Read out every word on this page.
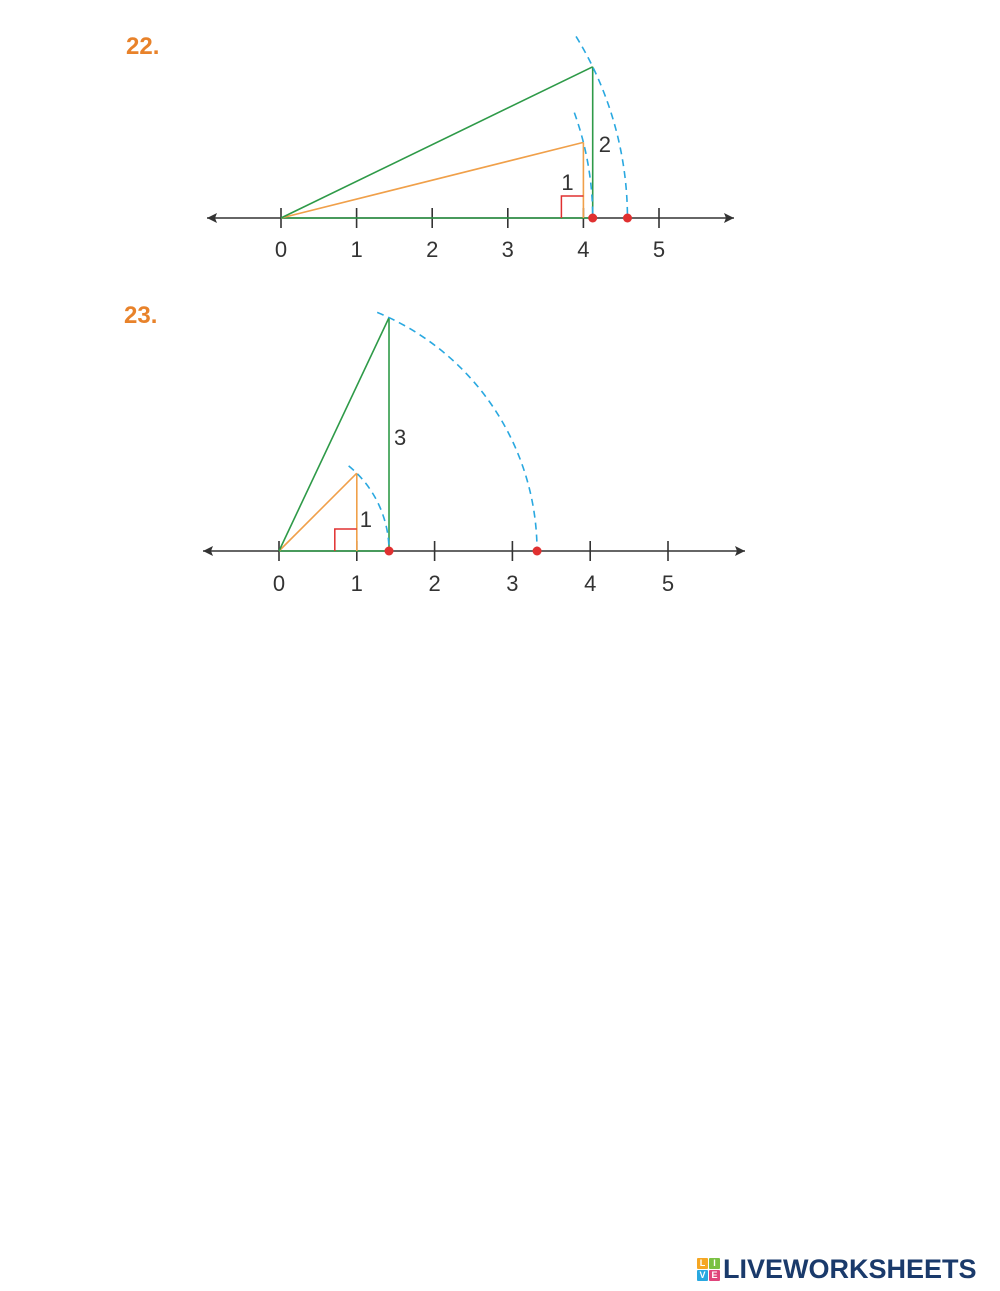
22.
23.
0	1	2	3	4	5
1
2
0	1	2	3	4	5
1
3
L I
V E LIVEWORKSHEETS
